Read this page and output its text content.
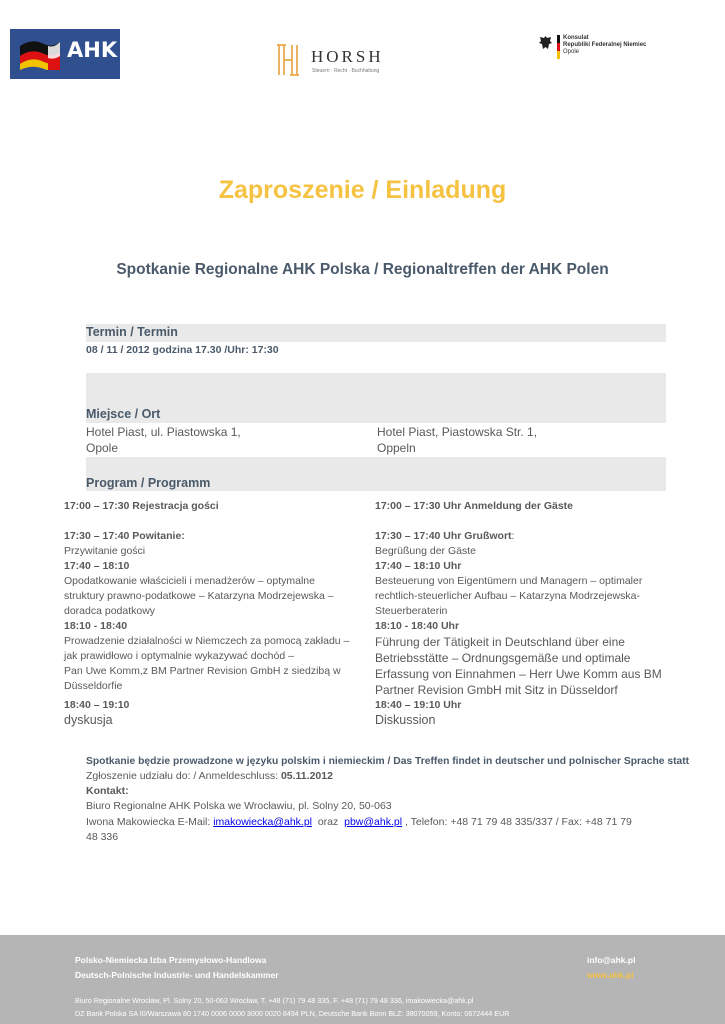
AHK	HORSH
Steuern · Recht · Buchhaltung
Konsulat
Republiki Federalnej Niemiec
Opole
Zaproszenie / Einladung
Spotkanie Regionalne AHK Polska / Regionaltreffen der AHK Polen
Termin / Termin
08 / 11 / 2012 godzina 17.30 /Uhr: 17:30
Miejsce / Ort
Hotel Piast, ul. Piastowska 1,
Opole
Hotel Piast, Piastowska Str. 1,
Oppeln
Program / Programm
17:00 – 17:30 Rejestracja gości
17:30 – 17:40 Powitanie:
Przywitanie gości
17:40 – 18:10
Opodatkowanie właścicieli i menadżerów – optymalne
struktury prawno-podatkowe – Katarzyna Modrzejewska –
doradca podatkowy
18:10 - 18:40
Prowadzenie działalności w Niemczech za pomocą zakładu –
jak prawidłowo i optymalnie wykazywać dochód –
Pan Uwe Komm,z BM Partner Revision GmbH z siedzibą w
Düsseldorfie
18:40 – 19:10
dyskusja
17:00 – 17:30 Uhr Anmeldung der Gäste
17:30 – 17:40 Uhr Grußwort:
Begrüßung der Gäste
17:40 – 18:10 Uhr
Besteuerung von Eigentümern und Managern – optimaler
rechtlich-steuerlicher Aufbau – Katarzyna Modrzejewska-
Steuerberaterin
18:10 - 18:40 Uhr
Führung der Tätigkeit in Deutschland über eine
Betriebsstätte – Ordnungsgemäße und optimale
Erfassung von Einnahmen – Herr Uwe Komm aus BM
Partner Revision GmbH mit Sitz in Düsseldorf
18:40 – 19:10 Uhr
Diskussion
Spotkanie będzie prowadzone w języku polskim i niemieckim / Das Treffen findet in deutscher und polnischer Sprache statt
Zgłoszenie udziału do: / Anmeldeschluss: 05.11.2012
Kontakt:
Biuro Regionalne AHK Polska we Wrocławiu, pl. Solny 20, 50-063
Iwona Makowiecka E-Mail: imakowiecka@ahk.pl  oraz  pbw@ahk.pl , Telefon: +48 71 79 48 335/337 / Fax: +48 71 79
48 336
Polsko-Niemiecka Izba Przemysłowo-Handlowa
Deutsch-Polnische Industrie- und Handelskammer
info@ahk.pl
www.ahk.pl
Biuro Regionalne Wrocław, Pl. Solny 20, 50-063 Wrocław, T. +48 (71) 79 48 335, F. +48 (71) 79 48 336, imakowiecka@ahk.pl
DZ Bank Polska SA I0/Warszawa 80 1740 0006 0000 3000 0020 8494 PLN, Deutsche Bank Bonn BLZ: 38070059, Konto: 0672444 EUR
